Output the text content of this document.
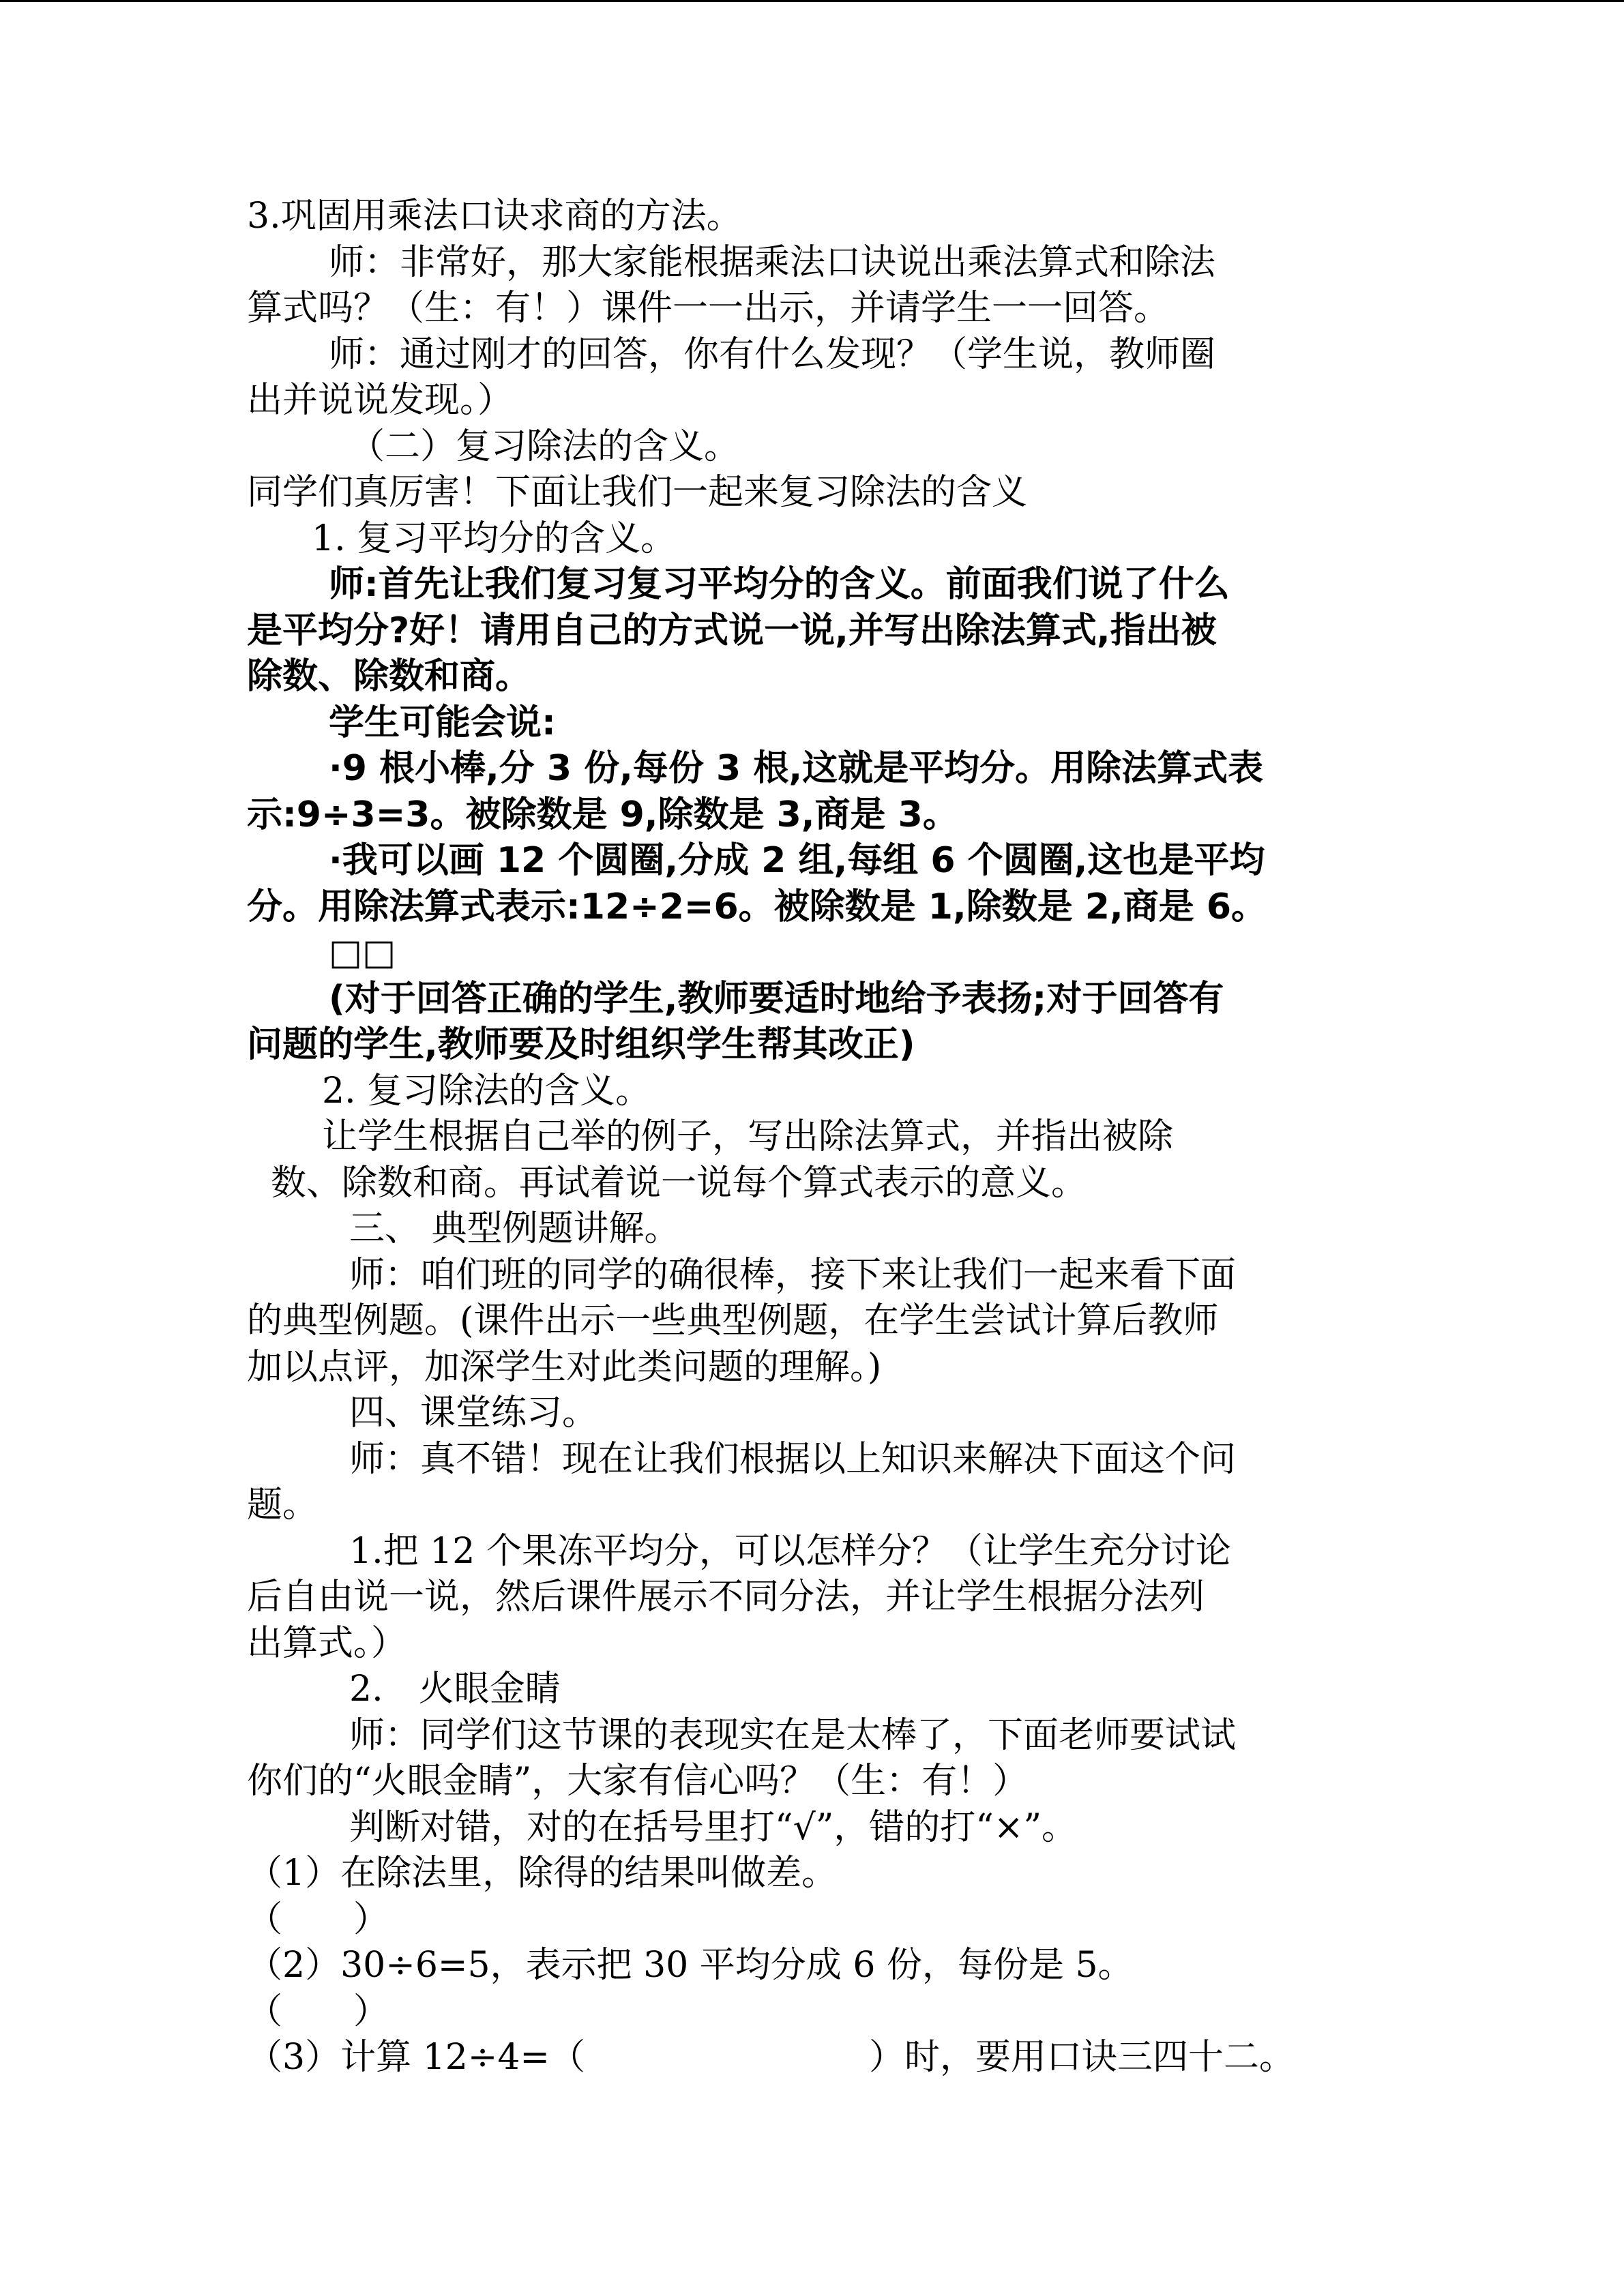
3.巩固用乘法口诀求商的方法。
师：非常好，那大家能根据乘法口诀说出乘法算式和除法
算式吗？（生：有！）课件一一出示，并请学生一一回答。
师：通过刚才的回答，你有什么发现？（学生说，教师圈
出并说说发现。）
（二）复习除法的含义。
同学们真厉害！下面让我们一起来复习除法的含义
1. 复习平均分的含义。
师:首先让我们复习复习平均分的含义。前面我们说了什么
是平均分?好！请用自己的方式说一说,并写出除法算式,指出被
除数、除数和商。
学生可能会说:
·9 根小棒,分 3 份,每份 3 根,这就是平均分。用除法算式表
示:9÷3=3。被除数是 9,除数是 3,商是 3。
·我可以画 12 个圆圈,分成 2 组,每组 6 个圆圈,这也是平均
分。用除法算式表示:12÷2=6。被除数是 1,除数是 2,商是 6。
□□
(对于回答正确的学生,教师要适时地给予表扬;对于回答有
问题的学生,教师要及时组织学生帮其改正)
2. 复习除法的含义。
让学生根据自己举的例子，写出除法算式，并指出被除
数、除数和商。再试着说一说每个算式表示的意义。
三、 典型例题讲解。
师：咱们班的同学的确很棒，接下来让我们一起来看下面
的典型例题。(课件出示一些典型例题，在学生尝试计算后教师
加以点评，加深学生对此类问题的理解。)
四、课堂练习。
师：真不错！现在让我们根据以上知识来解决下面这个问
题。
1.把 12 个果冻平均分，可以怎样分？（让学生充分讨论
后自由说一说，然后课件展示不同分法，并让学生根据分法列
出算式。）
2.　火眼金睛
师：同学们这节课的表现实在是太棒了，下面老师要试试
你们的“火眼金睛”，大家有信心吗？（生：有！）
判断对错，对的在括号里打“√”，错的打“×”。
（1）在除法里，除得的结果叫做差。
（　　）
（2）30÷6=5，表示把 30 平均分成 6 份，每份是 5。
（　　）
（3）计算 12÷4=（　　　　　　　　）时，要用口诀三四十二。
